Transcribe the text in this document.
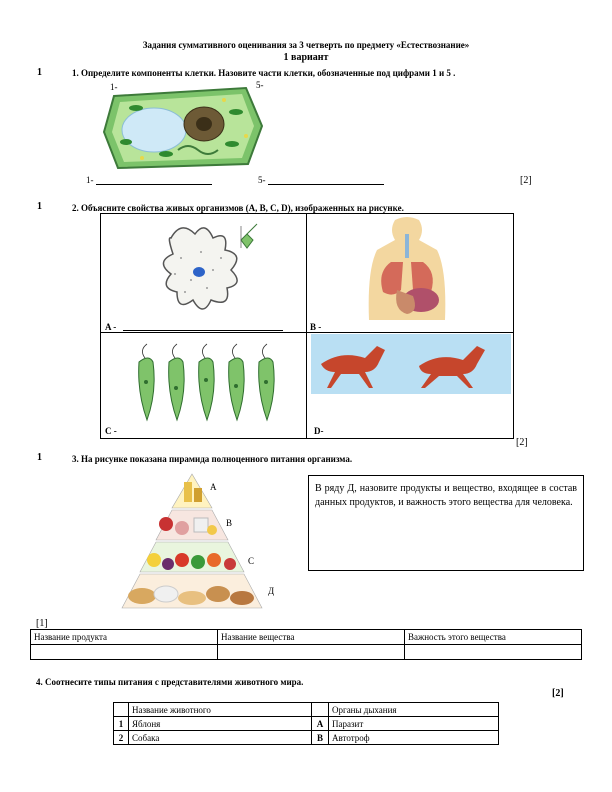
Задания суммативного оценивания за 3 четверть по предмету «Естествознание»
1 вариант
1	1. Определите компоненты клетки. Назовите части клетки, обозначенные под цифрами 1 и 5 .
1-	5-
1-	5-	[2]
1	2. Объясните свойства живых организмов (A, B, C, D), изображенных на рисунке.
A -	B -
C -	D-
[2]
1	3. На рисунке показана пирамида полноценного питания организма.
А
В
С
Д
В ряду Д, назовите продукты и вещество, входящее в состав данных продуктов, и важность этого вещества для человека.
[1]
Название продукта	Название вещества	Важность этого вещества

4. Соотнесите типы питания с представителями животного мира.
[2]
	Название животного		Органы дыхания
1	Яблоня	A	Паразит
2	Собака	B	Автотроф
